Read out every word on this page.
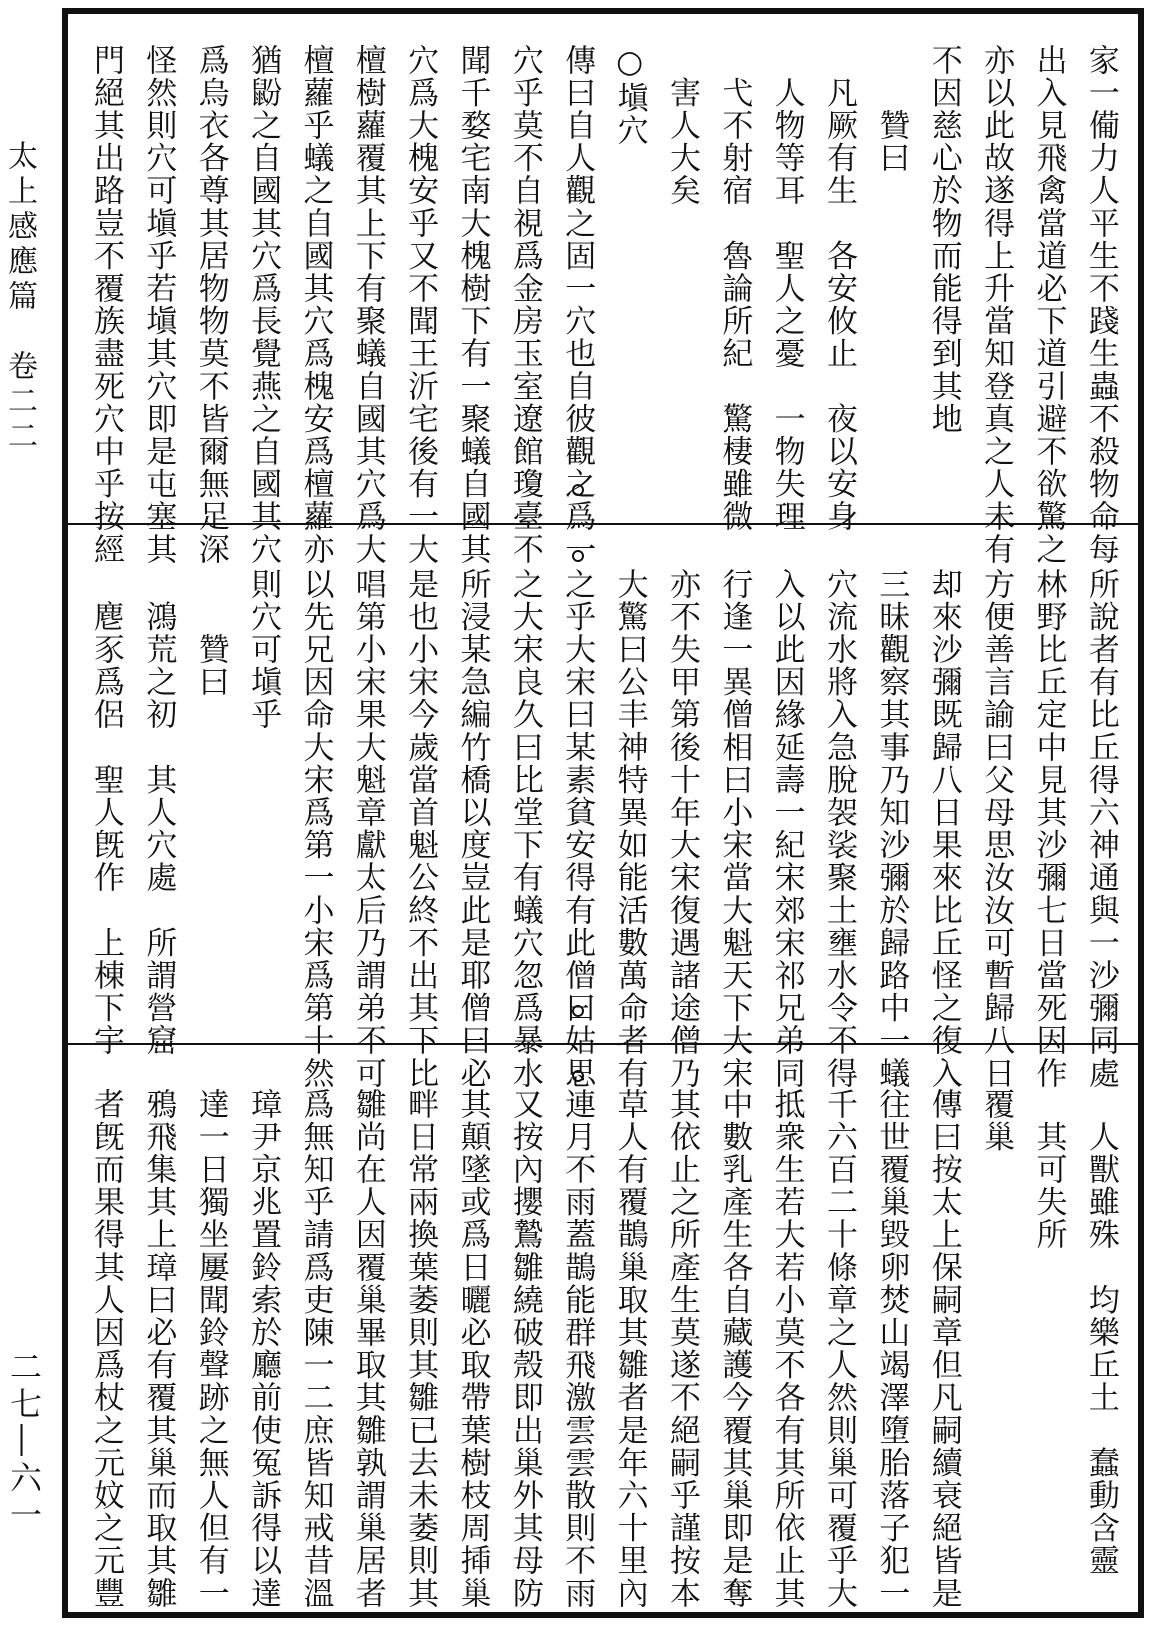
太上感應篇　卷二二
二七―六一
家一僃力人平生不踐生蟲不殺物命每
出入見飛禽當道必下道引避不欲驚之
亦以此故遂得上升當知登真之人未有
不因慈心於物而能得到其地
　　贊曰
　凡厥有生　各安攸止　夜以安身
　人物等耳　聖人之憂　一物失理
　弋不射宿　魯論所紀　驚棲雖微
　害人大矣
○塡穴
傳曰自人觀之固一穴也自彼觀之爲一
穴乎莫不自視爲金房玉室遼館瓊臺不
聞千婺宅南大槐樹下有一聚蟻自國其
穴爲大槐安乎又不聞王沂宅後有一大
檀樹蘿覆其上下有聚蟻自國其穴爲大
檀蘿乎蟻之自國其穴爲槐安爲檀蘿亦
猶鼢之自國其穴爲長覺燕之自國其穴
爲烏衣各尊其居物物莫不皆爾無足深
怪然則穴可塡乎若塡其穴即是屯塞其
門絕其出路豈不覆族盡死穴中乎按經
所說者有比丘得六神通與一沙彌同處
林野比丘定中見其沙彌七日當死因作
方便善言諭曰父母思汝汝可暫歸八日
却來沙彌既歸八日果來比丘怪之復入
三昧觀察其事乃知沙彌於歸路中一蟻
穴流水將入急脫袈裟聚土壅水令不得
入以此因緣延壽一紀宋郊宋祁兄弟同
行逢一異僧相曰小宋當大魁天下大宋
亦不失甲第後十年大宋復遇諸途僧乃
大驚曰公丰神特異如能活數萬命者有
之乎大宋曰某素貧安得有此僧曰姑思
之大宋良久曰比堂下有蟻穴忽爲暴水
所浸某急編竹橋以度豈此是耶僧曰必
是也小宋今歲當首魁公終不出其下比
唱第小宋果大魁章獻太后乃謂弟不可
以先兄因命大宋爲第一小宋爲第十然
則穴可塡乎
　　贊曰
　鴻荒之初　其人穴處　所謂營窟
　麀豕爲侶　聖人旣作　上棟下宇
　人獸雖殊　均樂丘土　蠢動含靈
　其可失所
覆巢
傳曰按太上保嗣章但凡嗣續衰絕皆是
往世覆巢毀卵焚山竭澤墮胎落子犯一
千六百二十條章之人然則巢可覆乎大
抵衆生若大若小莫不各有其所依止其
中數乳產生各自藏護今覆其巢即是奪
其依止之所產生莫遂不絕嗣乎謹按本
草人有覆鵲巢取其雛者是年六十里內
連月不雨蓋鵲能群飛激雲雲散則不雨
又按內攖鷙雛繞破殼即出巢外其母防
其顛墜或爲日曬必取帶葉樹枝周揷巢
畔日常兩換葉萎則其雛已去未萎則其
雛尚在人因覆巢畢取其雛孰謂巢居者
爲無知乎請爲吏陳一二庶皆知戒昔溫
璋尹京兆置鈴索於廳前使冤訴得以達
達一日獨坐屢聞鈴聲跡之無人但有一
鴉飛集其上璋曰必有覆其巢而取其雛
者旣而果得其人因爲杖之元妏之元豐
